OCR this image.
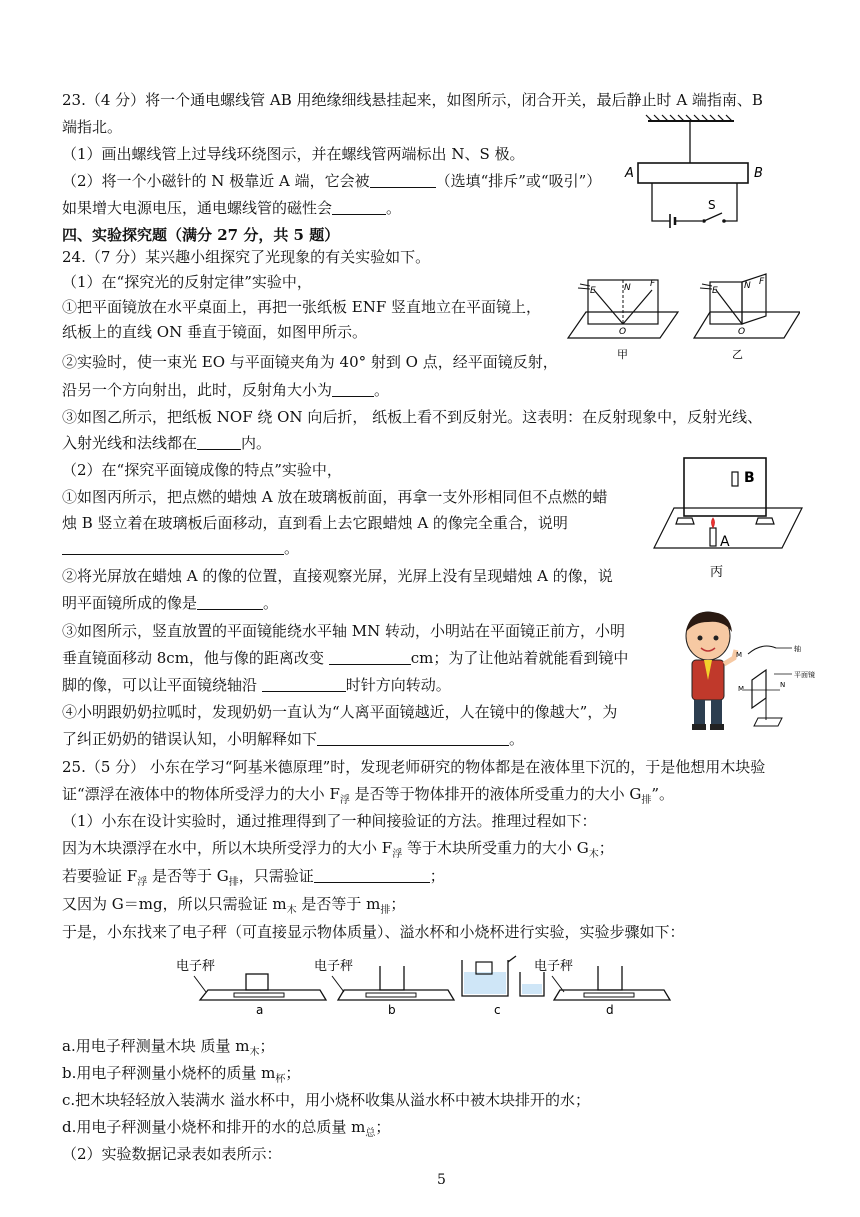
23.（4 分）将一个通电螺线管 AB 用绝缘细线悬挂起来，如图所示，闭合开关，最后静止时 A 端指南、B
端指北。
（1）画出螺线管上过导线环绕图示，并在螺线管两端标出 N、S 极。
（2）将一个小磁针的 N 极靠近 A 端，它会被	（选填“排斥”或“吸引”）
如果增大电源电压，通电螺线管的磁性会	。
A	B
S
四、实验探究题（满分 27 分，共 5 题）
24.（7 分）某兴趣小组探究了光现象的有关实验如下。
（1）在“探究光的反射定律”实验中，
①把平面镜放在水平桌面上，再把一张纸板 ENF 竖直地立在平面镜上，
纸板上的直线 ON 垂直于镜面，如图甲所示。
②实验时，使一束光 EO 与平面镜夹角为 40° 射到 O 点，经平面镜反射，
沿另一个方向射出，此时，反射角大小为	。
③如图乙所示，把纸板 NOF 绕 ON 向后折， 纸板上看不到反射光。这表明：在反射现象中，反射光线、
入射光线和法线都在	内。
E	N F
O
甲
E	N F
O
乙
（2）在“探究平面镜成像的特点”实验中，
①如图丙所示，把点燃的蜡烛 A 放在玻璃板前面，再拿一支外形相同但不点燃的蜡
烛 B 竖立着在玻璃板后面移动，直到看上去它跟蜡烛 A 的像完全重合，说明
。
②将光屏放在蜡烛 A 的像的位置，直接观察光屏，光屏上没有呈现蜡烛 A 的像，说
明平面镜所成的像是	。
B
A
丙
③如图所示，竖直放置的平面镜能绕水平轴 MN 转动，小明站在平面镜正前方，小明
垂直镜面移动 8cm，他与像的距离改变	cm；为了让他站着就能看到镜中
脚的像，可以让平面镜绕轴沿	时针方向转动。
④小明跟奶奶拉呱时，发现奶奶一直认为“人离平面镜越近，人在镜中的像越大”，为
了纠正奶奶的错误认知，小明解释如下	。
轴
M
M	N
平面镜
25.（5 分） 小东在学习“阿基米德原理”时，发现老师研究的物体都是在液体里下沉的，于是他想用木块验
证“漂浮在液体中的物体所受浮力的大小 $F_浮$ 是否等于物体排开的液体所受重力的大小 $G_排$”。
（1）小东在设计实验时，通过推理得到了一种间接验证的方法。推理过程如下：
因为木块漂浮在水中，所以木块所受浮力的大小 $F_浮$ 等于木块所受重力的大小 $G_木$；
若要验证 $F_浮$ 是否等于 $G_排$，只需验证	；
又因为 G＝mg，所以只需验证 $m_木$ 是否等于 $m_排$；
于是，小东找来了电子秤（可直接显示物体质量）、溢水杯和小烧杯进行实验，实验步骤如下：
电子秤
a
电子秤
b	c
电子秤
d
a.用电子秤测量木块 质量 $m_木$；
b.用电子秤测量小烧杯的质量 $m_杯$；
c.把木块轻轻放入装满水 溢水杯中，用小烧杯收集从溢水杯中被木块排开的水；
d.用电子秤测量小烧杯和排开的水的总质量 $m_总$；
（2）实验数据记录表如表所示：
5
